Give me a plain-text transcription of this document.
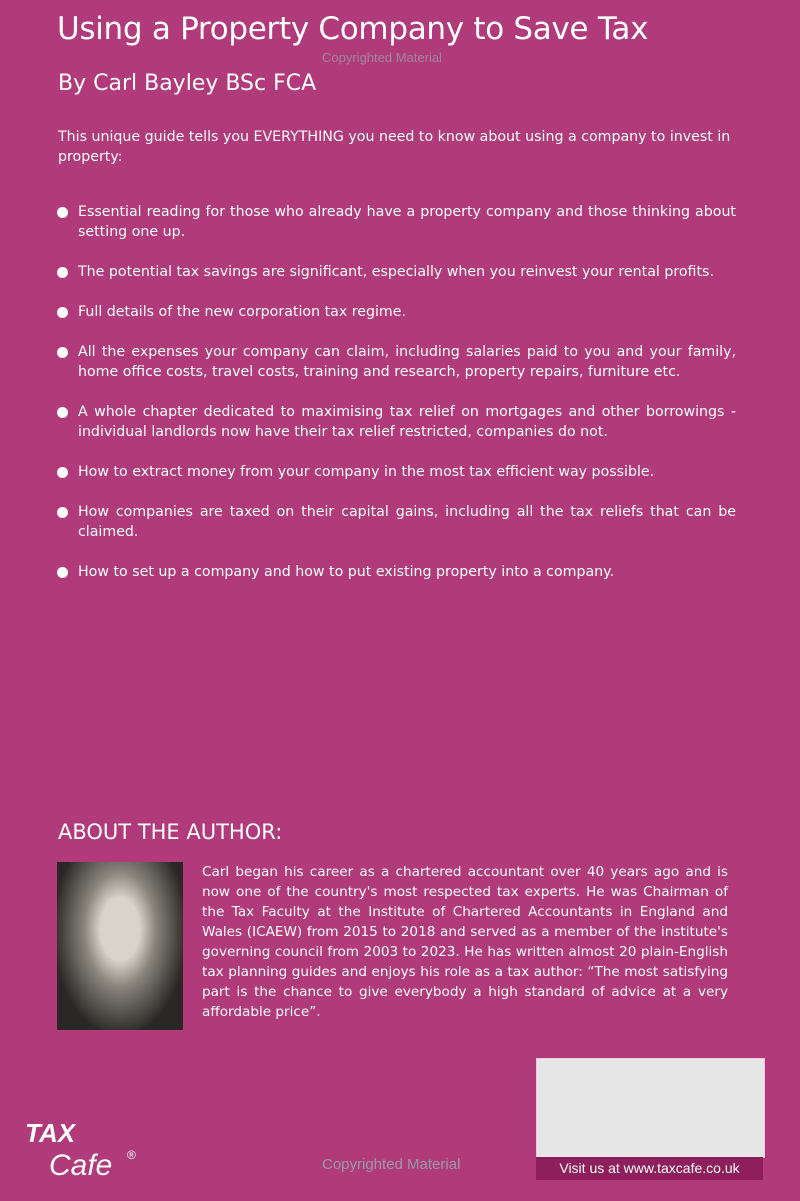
Using a Property Company to Save Tax
Copyrighted Material
By Carl Bayley BSc FCA
This unique guide tells you EVERYTHING you need to know about using a company to invest in property:
Essential reading for those who already have a property company and those thinking about setting one up.
The potential tax savings are significant, especially when you reinvest your rental profits.
Full details of the new corporation tax regime.
All the expenses your company can claim, including salaries paid to you and your family, home office costs, travel costs, training and research, property repairs, furniture etc.
A whole chapter dedicated to maximising tax relief on mortgages and other borrowings - individual landlords now have their tax relief restricted, companies do not.
How to extract money from your company in the most tax efficient way possible.
How companies are taxed on their capital gains, including all the tax reliefs that can be claimed.
How to set up a company and how to put existing property into a company.
ABOUT THE AUTHOR:
Carl began his career as a chartered accountant over 40 years ago and is now one of the country's most respected tax experts. He was Chairman of the Tax Faculty at the Institute of Chartered Accountants in England and Wales (ICAEW) from 2015 to 2018 and served as a member of the institute's governing council from 2003 to 2023. He has written almost 20 plain-English tax planning guides and enjoys his role as a tax author: “The most satisfying part is the chance to give everybody a high standard of advice at a very affordable price”.
TAX
Cafe ®
Copyrighted Material	Visit us at www.taxcafe.co.uk
